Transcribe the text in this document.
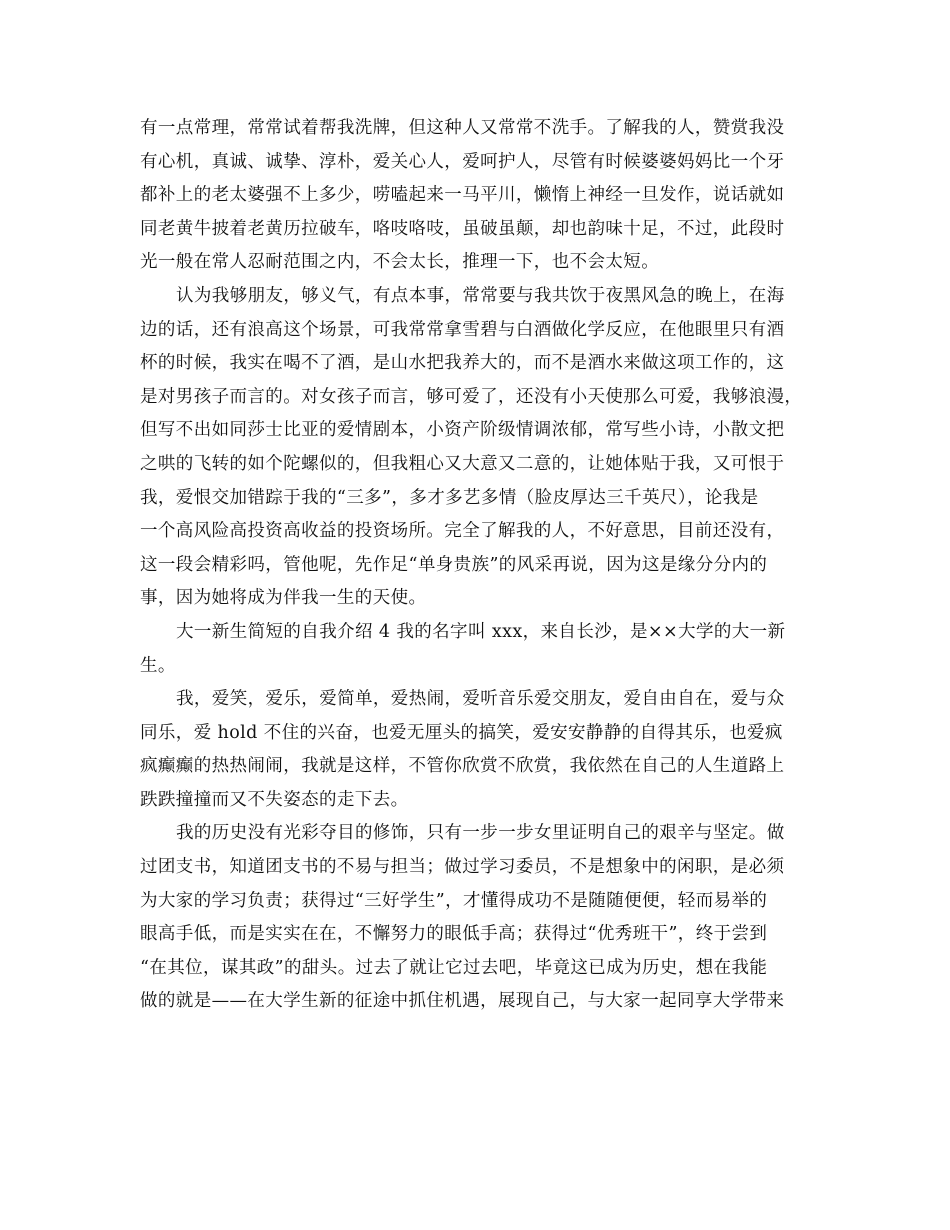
有一点常理，常常试着帮我洗牌，但这种人又常常不洗手。了解我的人，赞赏我没
有心机，真诚、诚挚、淳朴，爱关心人，爱呵护人，尽管有时候婆婆妈妈比一个牙
都补上的老太婆强不上多少，唠嗑起来一马平川，懒惰上神经一旦发作，说话就如
同老黄牛披着老黄历拉破车，咯吱咯吱，虽破虽颠，却也韵味十足，不过，此段时
光一般在常人忍耐范围之内，不会太长，推理一下，也不会太短。
认为我够朋友，够义气，有点本事，常常要与我共饮于夜黑风急的晚上，在海
边的话，还有浪高这个场景，可我常常拿雪碧与白酒做化学反应，在他眼里只有酒
杯的时候，我实在喝不了酒，是山水把我养大的，而不是酒水来做这项工作的，这
是对男孩子而言的。对女孩子而言，够可爱了，还没有小天使那么可爱，我够浪漫，
但写不出如同莎士比亚的爱情剧本，小资产阶级情调浓郁，常写些小诗，小散文把
之哄的飞转的如个陀螺似的，但我粗心又大意又二意的，让她体贴于我，又可恨于
我，爱恨交加错踪于我的“三多”，多才多艺多情（脸皮厚达三千英尺），论我是
一个高风险高投资高收益的投资场所。完全了解我的人，不好意思，目前还没有，
这一段会精彩吗，管他呢，先作足“单身贵族”的风采再说，因为这是缘分分内的
事，因为她将成为伴我一生的天使。
大一新生简短的自我介绍 4 我的名字叫 xxx，来自长沙，是××大学的大一新
生。
我，爱笑，爱乐，爱简单，爱热闹，爱听音乐爱交朋友，爱自由自在，爱与众
同乐，爱 hold 不住的兴奋，也爱无厘头的搞笑，爱安安静静的自得其乐，也爱疯
疯癫癫的热热闹闹，我就是这样，不管你欣赏不欣赏，我依然在自己的人生道路上
跌跌撞撞而又不失姿态的走下去。
我的历史没有光彩夺目的修饰，只有一步一步女里证明自己的艰辛与坚定。做
过团支书，知道团支书的不易与担当；做过学习委员，不是想象中的闲职，是必须
为大家的学习负责；获得过“三好学生”，才懂得成功不是随随便便，轻而易举的
眼高手低，而是实实在在，不懈努力的眼低手高；获得过“优秀班干”，终于尝到
“在其位，谋其政”的甜头。过去了就让它过去吧，毕竟这已成为历史，想在我能
做的就是——在大学生新的征途中抓住机遇，展现自己，与大家一起同享大学带来
